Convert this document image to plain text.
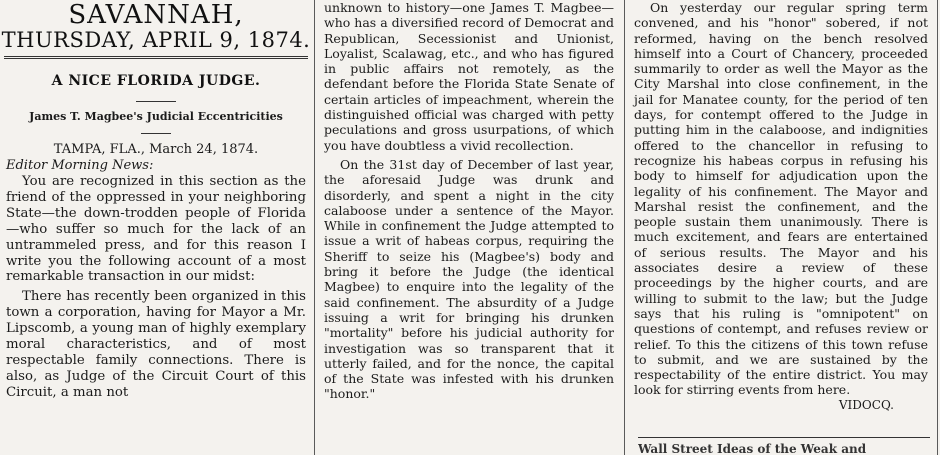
SAVANNAH,
THURSDAY, APRIL 9, 1874.
A NICE FLORIDA JUDGE.
James T. Magbee's Judicial Eccentricities
TAMPA, FLA., March 24, 1874.
Editor Morning News:

You are recognized in this section as the friend of the oppressed in your neighboring State—the down-trodden people of Florida—who suffer so much for the lack of an untrammeled press, and for this reason I write you the following account of a most remarkable transaction in our midst:

There has recently been organized in this town a corporation, having for Mayor a Mr. Lipscomb, a young man of highly exemplary moral characteristics, and of most respectable family connections. There is also, as Judge of the Circuit Court of this Circuit, a man not

unknown to history—one James T. Magbee—who has a diversified record of Democrat and Republican, Secessionist and Unionist, Loyalist, Scalawag, etc., and who has figured in public affairs not remotely, as the defendant before the Florida State Senate of certain articles of impeachment, wherein the distinguished official was charged with petty peculations and gross usurpations, of which you have doubtless a vivid recollection.

On the 31st day of December of last year, the aforesaid Judge was drunk and disorderly, and spent a night in the city calaboose under a sentence of the Mayor. While in confinement the Judge attempted to issue a writ of habeas corpus, requiring the Sheriff to seize his (Magbee's) body and bring it before the Judge (the identical Magbee) to enquire into the legality of the said confinement. The absurdity of a Judge issuing a writ for bringing his drunken "mortality" before his judicial authority for investigation was so transparent that it utterly failed, and for the nonce, the capital of the State was infested with his drunken "honor."

On yesterday our regular spring term convened, and his "honor" sobered, if not reformed, having on the bench resolved himself into a Court of Chancery, proceeded summarily to order as well the Mayor as the City Marshal into close confinement, in the jail for Manatee county, for the period of ten days, for contempt offered to the Judge in putting him in the calaboose, and indignities offered to the chancellor in refusing to recognize his habeas corpus in refusing his body to himself for adjudication upon the legality of his confinement. The Mayor and Marshal resist the confinement, and the people sustain them unanimously. There is much excitement, and fears are entertained of serious results. The Mayor and his associates desire a review of these proceedings by the higher courts, and are willing to submit to the law; but the Judge says that his ruling is "omnipotent" on questions of contempt, and refuses review or relief. To this the citizens of this town refuse to submit, and we are sustained by the respectability of the entire district. You may look for stirring events from here.

VIDOCQ.
Wall Street Ideas of the Weak and
